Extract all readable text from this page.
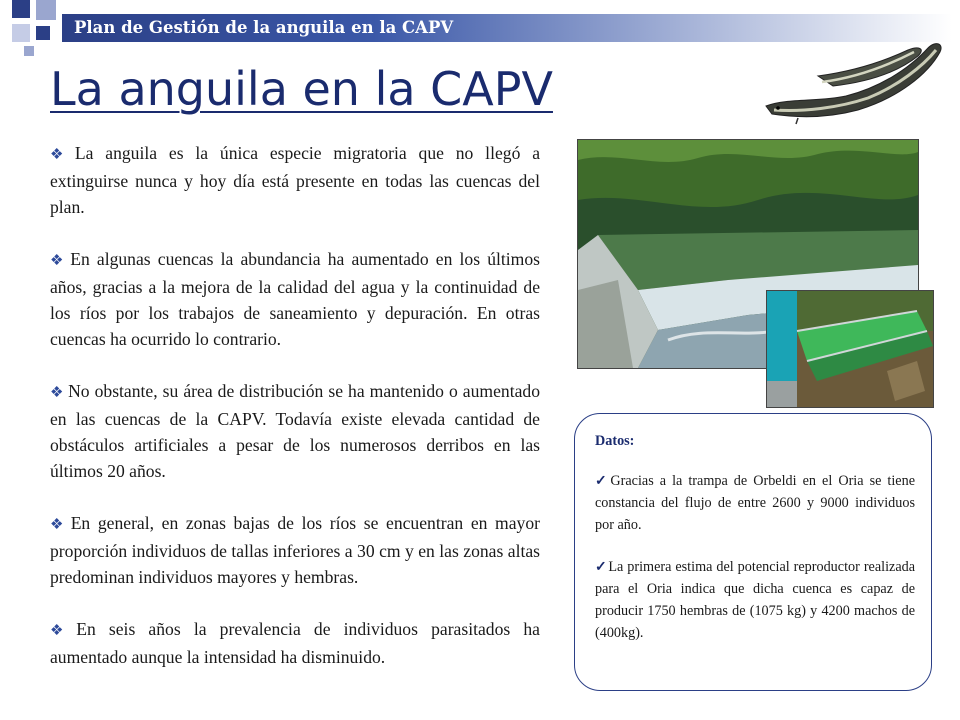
Plan de Gestión de la anguila en la CAPV
La anguila en la CAPV

❖ La anguila es la única especie migratoria que no llegó a extinguirse nunca y hoy día está presente en todas las cuencas del plan.

❖ En algunas cuencas la abundancia ha aumentado en los últimos años, gracias a la mejora de la calidad del agua y la continuidad de los ríos por los trabajos de saneamiento y depuración. En otras cuencas ha ocurrido lo contrario.

❖ No obstante, su área de distribución se ha mantenido o aumentado en las cuencas de la CAPV. Todavía existe elevada cantidad de obstáculos artificiales a pesar de los numerosos derribos en las últimos 20 años.

❖ En general, en zonas bajas de los ríos se encuentran en mayor proporción individuos de tallas inferiores a 30 cm y en las zonas altas predominan individuos mayores y hembras.

❖ En seis años la prevalencia de individuos parasitados ha aumentado aunque la intensidad ha disminuido.

Datos:
✓Gracias a la trampa de Orbeldi en el Oria se tiene constancia del flujo de entre 2600 y 9000 individuos por año.
✓La primera estima del potencial reproductor realizada para el Oria indica que dicha cuenca es capaz de producir 1750 hembras de (1075 kg) y 4200 machos de (400kg).
